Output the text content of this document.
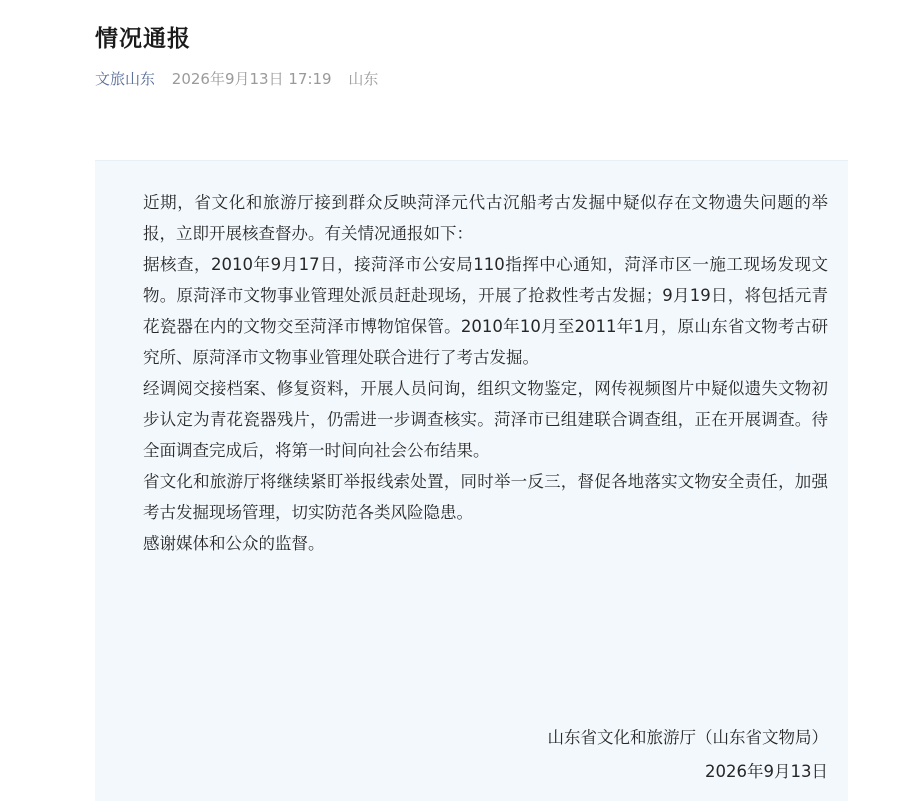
情况通报
文旅山东 2026年9月13日 17:19 山东

近期，省文化和旅游厅接到群众反映菏泽元代古沉船考古发掘中疑似存在文物遗失问题的举报，立即开展核查督办。有关情况通报如下：

据核查，2010年9月17日，接菏泽市公安局110指挥中心通知，菏泽市区一施工现场发现文物。原菏泽市文物事业管理处派员赶赴现场，开展了抢救性考古发掘；9月19日，将包括元青花瓷器在内的文物交至菏泽市博物馆保管。2010年10月至2011年1月，原山东省文物考古研究所、原菏泽市文物事业管理处联合进行了考古发掘。

经调阅交接档案、修复资料，开展人员问询，组织文物鉴定，网传视频图片中疑似遗失文物初步认定为青花瓷器残片，仍需进一步调查核实。菏泽市已组建联合调查组，正在开展调查。待全面调查完成后，将第一时间向社会公布结果。

省文化和旅游厅将继续紧盯举报线索处置，同时举一反三，督促各地落实文物安全责任，加强考古发掘现场管理，切实防范各类风险隐患。

感谢媒体和公众的监督。

山东省文化和旅游厅（山东省文物局）
2026年9月13日
